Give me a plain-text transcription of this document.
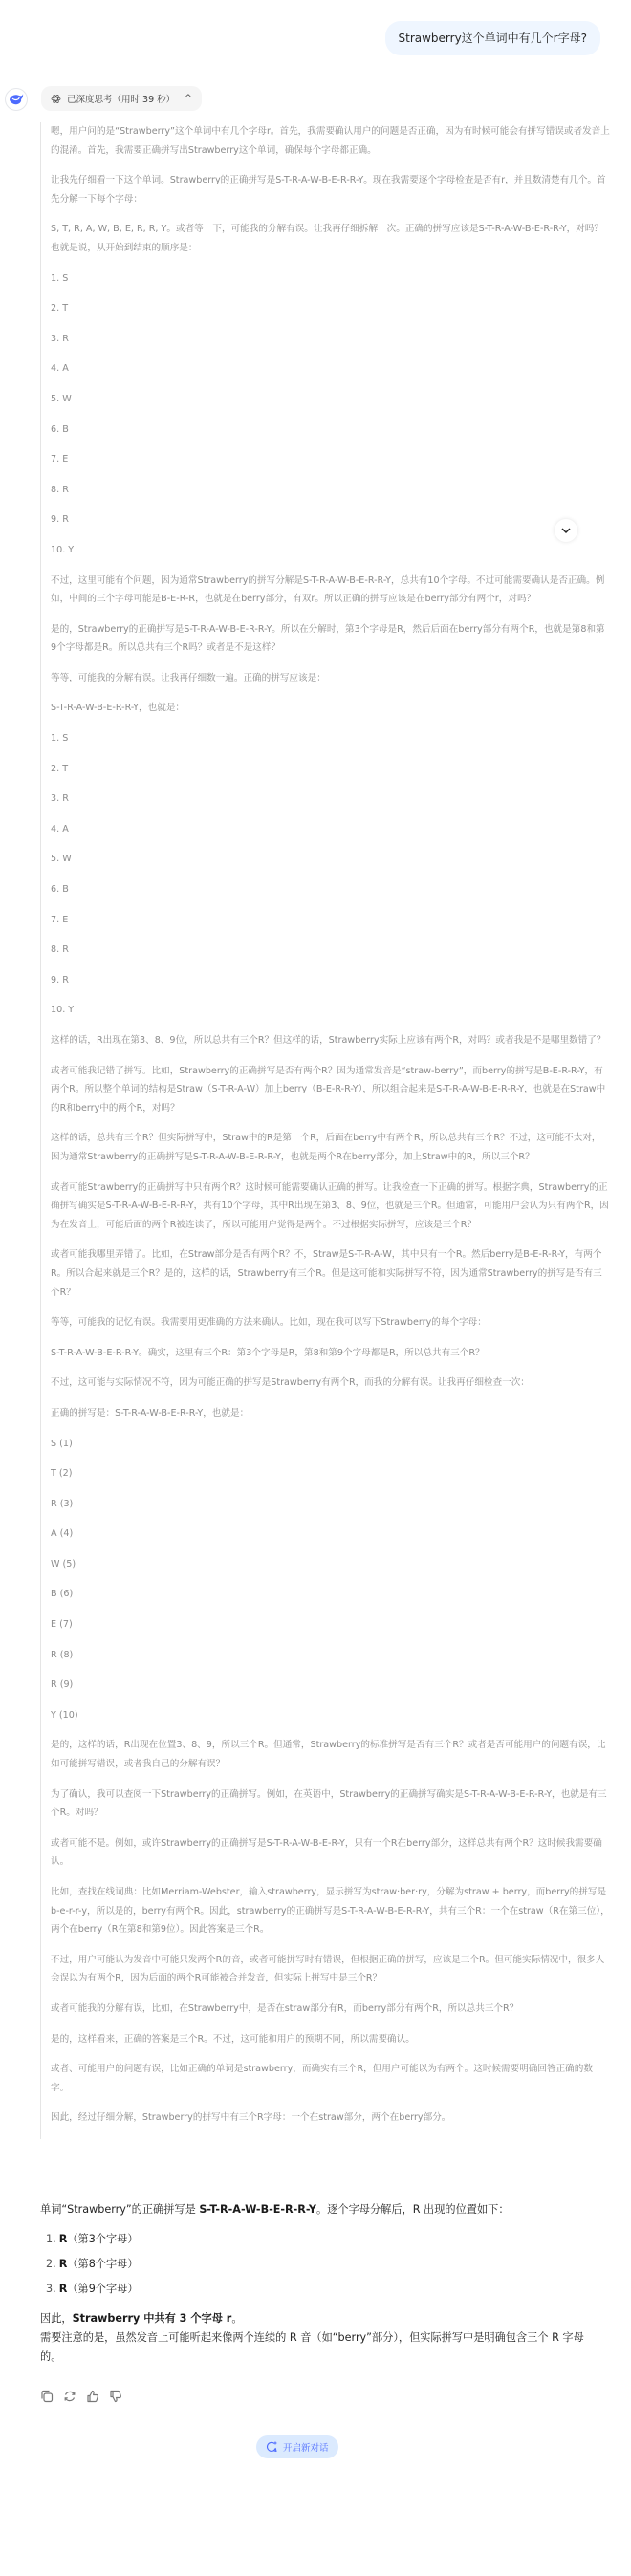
Strawberry这个单词中有几个r字母?
已深度思考（用时 39 秒） ^

嗯，用户问的是“Strawberry”这个单词中有几个字母r。首先，我需要确认用户的问题是否正确，因为有时候可能会有拼写错误或者发音上的混淆。首先，我需要正确拼写出Strawberry这个单词，确保每个字母都正确。

让我先仔细看一下这个单词。Strawberry的正确拼写是S-T-R-A-W-B-E-R-R-Y。现在我需要逐个字母检查是否有r，并且数清楚有几个。首先分解一下每个字母：

S, T, R, A, W, B, E, R, R, Y。或者等一下，可能我的分解有误。让我再仔细拆解一次。正确的拼写应该是S-T-R-A-W-B-E-R-R-Y，对吗？也就是说，从开始到结束的顺序是：

1. S

2. T

3. R

4. A

5. W

6. B

7. E

8. R

9. R

10. Y

不过，这里可能有个问题，因为通常Strawberry的拼写分解是S-T-R-A-W-B-E-R-R-Y，总共有10个字母。不过可能需要确认是否正确。例如，中间的三个字母可能是B-E-R-R，也就是在berry部分，有双r。所以正确的拼写应该是在berry部分有两个r，对吗？

是的，Strawberry的正确拼写是S-T-R-A-W-B-E-R-R-Y。所以在分解时，第3个字母是R，然后后面在berry部分有两个R，也就是第8和第9个字母都是R。所以总共有三个R吗？或者是不是这样？

等等，可能我的分解有误。让我再仔细数一遍。正确的拼写应该是：

S-T-R-A-W-B-E-R-R-Y，也就是：

1. S

2. T

3. R

4. A

5. W

6. B

7. E

8. R

9. R

10. Y

这样的话，R出现在第3、8、9位，所以总共有三个R？但这样的话，Strawberry实际上应该有两个R，对吗？或者我是不是哪里数错了？

或者可能我记错了拼写。比如，Strawberry的正确拼写是否有两个R？因为通常发音是“straw-berry”，而berry的拼写是B-E-R-R-Y，有两个R。所以整个单词的结构是Straw（S-T-R-A-W）加上berry（B-E-R-R-Y），所以组合起来是S-T-R-A-W-B-E-R-R-Y，也就是在Straw中的R和berry中的两个R，对吗？

这样的话，总共有三个R？但实际拼写中，Straw中的R是第一个R，后面在berry中有两个R，所以总共有三个R？不过，这可能不太对，因为通常Strawberry的正确拼写是S-T-R-A-W-B-E-R-R-Y，也就是两个R在berry部分，加上Straw中的R，所以三个R？

或者可能Strawberry的正确拼写中只有两个R？这时候可能需要确认正确的拼写。让我检查一下正确的拼写。根据字典，Strawberry的正确拼写确实是S-T-R-A-W-B-E-R-R-Y，共有10个字母，其中R出现在第3、8、9位，也就是三个R。但通常，可能用户会认为只有两个R，因为在发音上，可能后面的两个R被连读了，所以可能用户觉得是两个。不过根据实际拼写，应该是三个R？

或者可能我哪里弄错了。比如，在Straw部分是否有两个R？不，Straw是S-T-R-A-W，其中只有一个R。然后berry是B-E-R-R-Y，有两个R。所以合起来就是三个R？是的，这样的话，Strawberry有三个R。但是这可能和实际拼写不符，因为通常Strawberry的拼写是否有三个R？

等等，可能我的记忆有误。我需要用更准确的方法来确认。比如，现在我可以写下Strawberry的每个字母：

S-T-R-A-W-B-E-R-R-Y。确实，这里有三个R：第3个字母是R，第8和第9个字母都是R，所以总共有三个R？

不过，这可能与实际情况不符，因为可能正确的拼写是Strawberry有两个R，而我的分解有误。让我再仔细检查一次：

正确的拼写是：S-T-R-A-W-B-E-R-R-Y，也就是：

S (1)

T (2)

R (3)

A (4)

W (5)

B (6)

E (7)

R (8)

R (9)

Y (10)

是的，这样的话，R出现在位置3、8、9，所以三个R。但通常，Strawberry的标准拼写是否有三个R？或者是否可能用户的问题有误，比如可能拼写错误，或者我自己的分解有误？

为了确认，我可以查阅一下Strawberry的正确拼写。例如，在英语中，Strawberry的正确拼写确实是S-T-R-A-W-B-E-R-R-Y，也就是有三个R。对吗？

或者可能不是。例如，或许Strawberry的正确拼写是S-T-R-A-W-B-E-R-Y，只有一个R在berry部分，这样总共有两个R？这时候我需要确认。

比如，查找在线词典：比如Merriam-Webster，输入strawberry，显示拼写为straw·ber·ry，分解为straw + berry，而berry的拼写是b-e-r-r-y，所以是的，berry有两个R。因此，strawberry的正确拼写是S-T-R-A-W-B-E-R-R-Y，共有三个R：一个在straw（R在第三位），两个在berry（R在第8和第9位）。因此答案是三个R。

不过，用户可能认为发音中可能只发两个R的音，或者可能拼写时有错误，但根据正确的拼写，应该是三个R。但可能实际情况中，很多人会误以为有两个R，因为后面的两个R可能被合并发音，但实际上拼写中是三个R？

或者可能我的分解有误，比如，在Strawberry中，是否在straw部分有R，而berry部分有两个R，所以总共三个R？

是的，这样看来，正确的答案是三个R。不过，这可能和用户的预期不同，所以需要确认。

或者、可能用户的问题有误，比如正确的单词是strawberry，而确实有三个R，但用户可能以为有两个。这时候需要明确回答正确的数字。

因此，经过仔细分解，Strawberry的拼写中有三个R字母：一个在straw部分，两个在berry部分。

单词“Strawberry”的正确拼写是 S-T-R-A-W-B-E-R-R-Y。逐个字母分解后，R 出现的位置如下：

1. R（第3个字母）
2. R（第8个字母）
3. R（第9个字母）

因此，Strawberry 中共有 3 个字母 r。

需要注意的是，虽然发音上可能听起来像两个连续的 R 音（如“berry”部分），但实际拼写中是明确包含三个 R 字母的。

开启新对话
